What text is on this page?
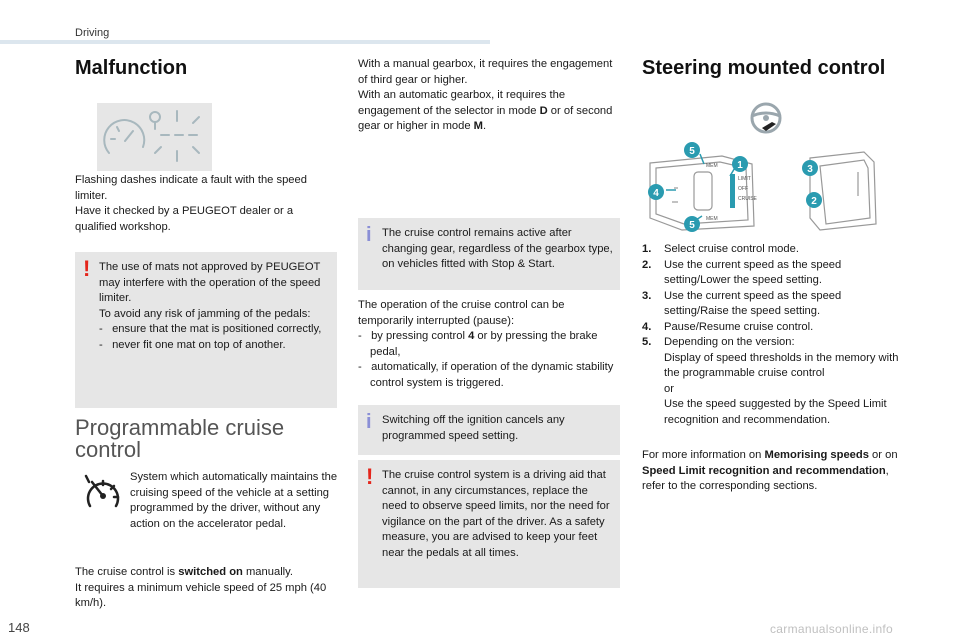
Driving
Malfunction

Flashing dashes indicate a fault with the speed limiter.

Have it checked by a PEUGEOT dealer or a qualified workshop.

! The use of mats not approved by PEUGEOT may interfere with the operation of the speed limiter.

To avoid any risk of jamming of the pedals:

-   ensure that the mat is positioned correctly,

-   never fit one mat on top of another.

Programmable cruise
control
System which automatically maintains the cruising speed of the vehicle at a setting programmed by the driver, without any action on the accelerator pedal.

The cruise control is switched on manually.

It requires a minimum vehicle speed of 25 mph (40 km/h).

With a manual gearbox, it requires the engagement of third gear or higher.

With an automatic gearbox, it requires the engagement of the selector in mode D or of second gear or higher in mode M.

i The cruise control remains active after changing gear, regardless of the gearbox type, on vehicles fitted with Stop & Start.

The operation of the cruise control can be temporarily interrupted (pause):

-   by pressing control 4 or by pressing the brake pedal,

-   automatically, if operation of the dynamic stability control system is triggered.

i Switching off the ignition cancels any programmed speed setting.
! The cruise control system is a driving aid that cannot, in any circumstances, replace the need to observe speed limits, nor the need for vigilance on the part of the driver. As a safety measure, you are advised to keep your feet near the pedals at all times.
Steering mounted control
MEM
LIMIT
OFF
CRUISE
MEM
1
2
3
4
5
5
1.	Select cruise control mode.
2.	Use the current speed as the speed setting/Lower the speed setting.
3.	Use the current speed as the speed setting/Raise the speed setting.
4.	Pause/Resume cruise control.
5.	Depending on the version:

Display of speed thresholds in the memory with the programmable cruise control

or

Use the speed suggested by the Speed Limit recognition and recommendation.

For more information on Memorising speeds or on Speed Limit recognition and recommendation, refer to the corresponding sections.

148	carmanualsonline.info
